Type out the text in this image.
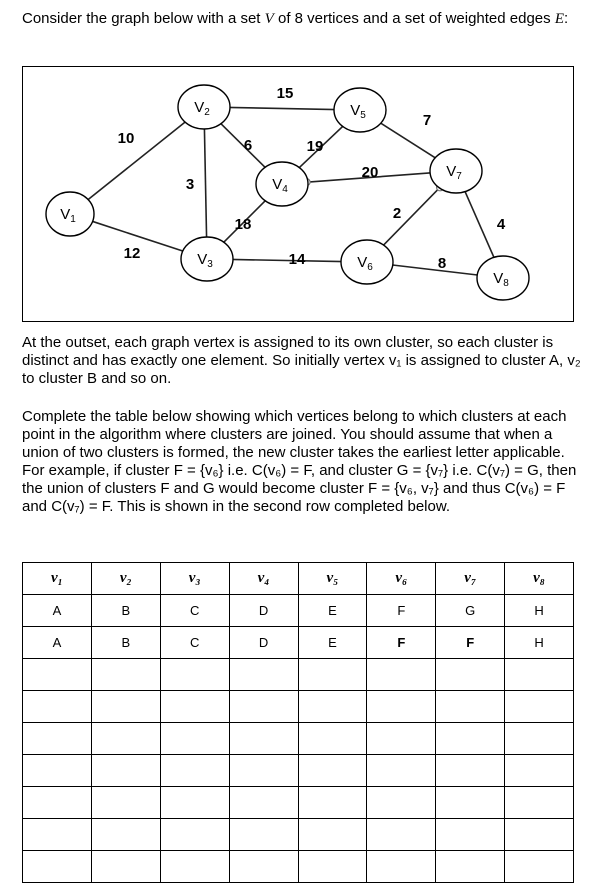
Consider the graph below with a set V of 8 vertices and a set of weighted edges E:

10
12
3
6
15
18
14
19
20
7
2
4
8
$V_1$
$V_2$
$V_3$
$V_4$
$V_5$
$V_6$
$V_7$
$V_8$

At the outset, each graph vertex is assigned to its own cluster, so each cluster is distinct and has exactly one element. So initially vertex v₁ is assigned to cluster A, v₂ to cluster B and so on.

Complete the table below showing which vertices belong to which clusters at each point in the algorithm where clusters are joined. You should assume that when a union of two clusters is formed, the new cluster takes the earliest letter applicable. For example, if cluster F = {v₆} i.e. C(v₆) = F, and cluster G = {v₇} i.e. C(v₇) = G, then the union of clusters F and G would become cluster F = {v₆, v₇} and thus C(v₆) = F and C(v₇) = F. This is shown in the second row completed below.

v₁	v₂	v₃	v₄	v₅	v₆	v₇	v₈
A	B	C	D	E	F	G	H
A	B	C	D	E	F	F	H
